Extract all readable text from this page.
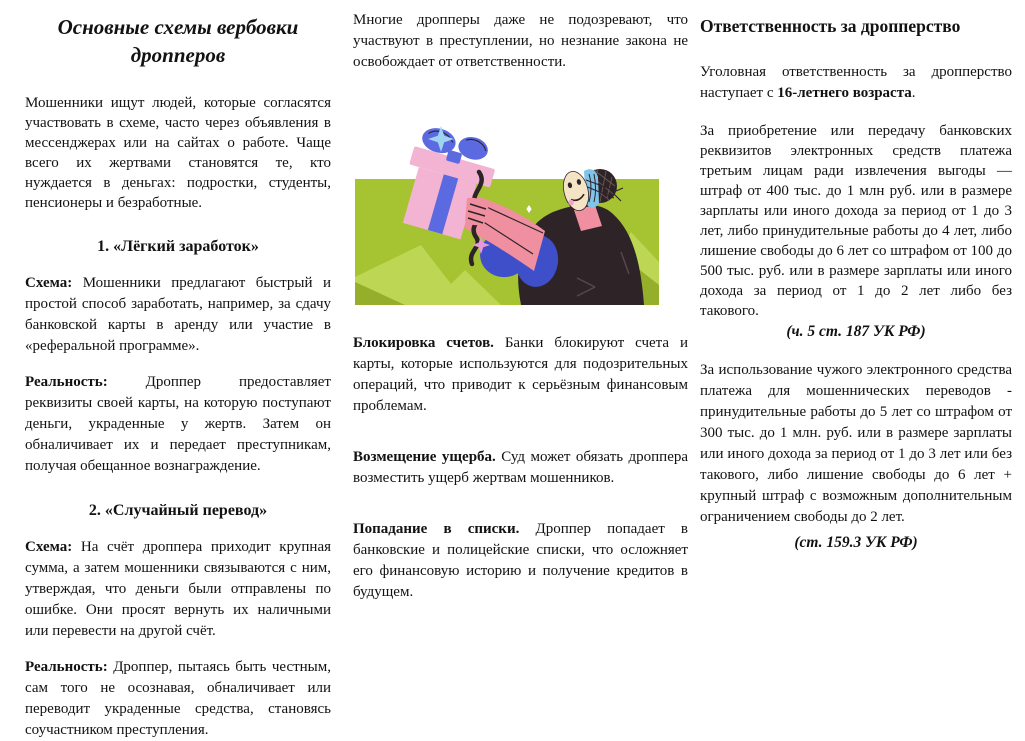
Основные схемы вербовки дропперов

Мошенники ищут людей, которые согласятся участвовать в схеме, часто через объявления в мессенджерах или на сайтах о работе. Чаще всего их жертвами становятся те, кто нуждается в деньгах: подростки, студенты, пенсионеры и безработные.

1. «Лёгкий заработок»

Схема: Мошенники предлагают быстрый и простой способ заработать, например, за сдачу банковской карты в аренду или участие в «реферальной программе».

Реальность:	Дроппер предоставляет реквизиты своей карты, на которую поступают деньги, украденные у жертв. Затем он обналичивает их и передает преступникам, получая обещанное вознаграждение.

2. «Случайный перевод»

Схема: На счёт дроппера приходит крупная сумма, а затем мошенники связываются с ним, утверждая, что деньги были отправлены по ошибке. Они просят вернуть их наличными или перевести на другой счёт.

Реальность: Дроппер, пытаясь быть честным, сам того не осознавая, обналичивает или переводит украденные средства, становясь соучастником преступления.

Многие дропперы даже не подозревают, что участвуют в преступлении, но незнание закона не освобождает от ответственности.

Блокировка счетов. Банки блокируют счета и карты, которые используются для подозрительных операций, что приводит к серьёзным финансовым проблемам.

Возмещение ущерба. Суд может обязать дроппера возместить ущерб жертвам мошенников.

Попадание в списки. Дроппер попадает в банковские и полицейские списки, что осложняет его финансовую историю и получение кредитов в будущем.

Ответственность за дропперство

Уголовная ответственность за дропперство наступает с 16-летнего возраста.

За приобретение или передачу банковских реквизитов электронных средств платежа третьим лицам ради извлечения выгоды — штраф от 400 тыс. до 1 млн руб. или в размере зарплаты или иного дохода за период от 1 до 3 лет, либо принудительные работы до 4 лет, либо лишение свободы до 6 лет со штрафом от 100 до 500 тыс. руб. или в размере зарплаты или иного дохода за период от 1 до 2 лет либо без такового.

(ч. 5 ст. 187 УК РФ)

За использование чужого электронного средства платежа для мошеннических переводов - принудительные работы до 5 лет со штрафом от 300 тыс. до 1 млн. руб. или в размере зарплаты или иного дохода за период от 1 до 3 лет или без такового, либо лишение свободы до 6 лет + крупный штраф с возможным дополнительным ограничением свободы до 2 лет.

(ст. 159.3 УК РФ)
